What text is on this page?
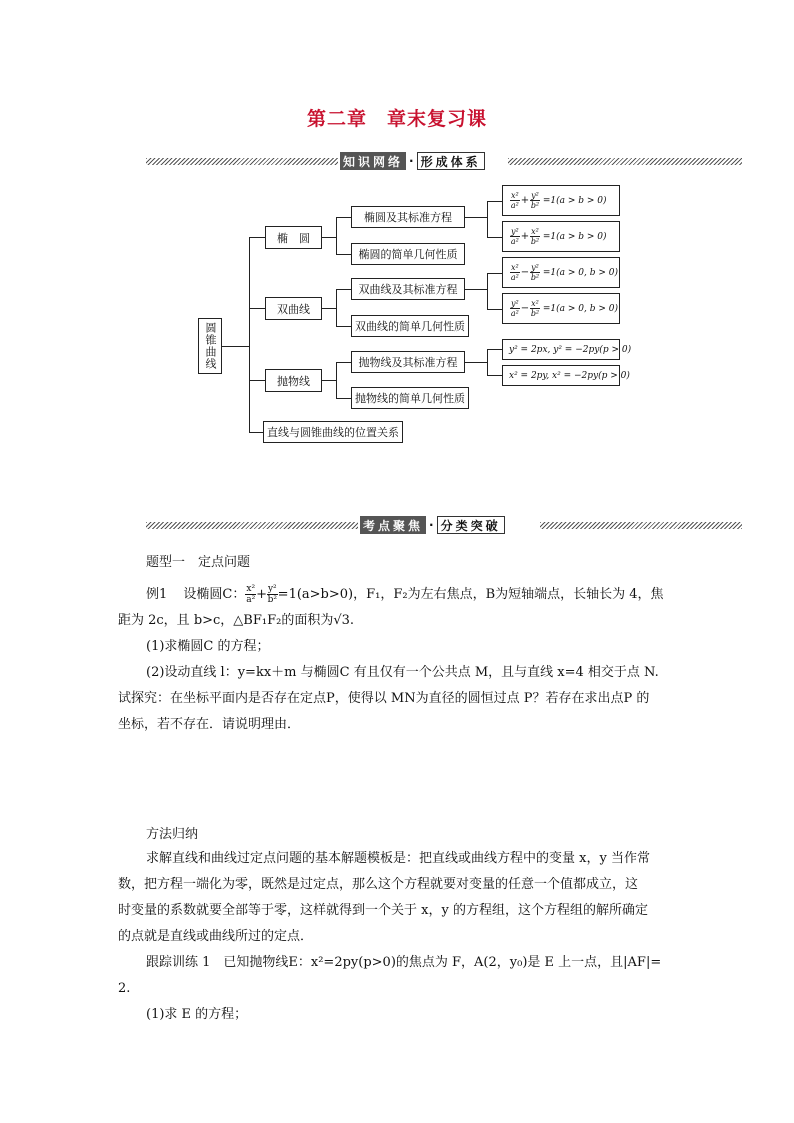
第二章 章末复习课
知识网络 · 形成体系
圆锥曲线
椭　圆
双曲线
抛物线
直线与圆锥曲线的位置关系
椭圆及其标准方程
椭圆的简单几何性质
双曲线及其标准方程
双曲线的简单几何性质
抛物线及其标准方程
抛物线的简单几何性质
x²
$a^2 + \frac{\text{y²}}{\text{b²}} =1(a > b > 0)$
y²
$a^2 + \frac{\text{x²}}{\text{b²}} =1(a > b > 0)$
x²
$a^2 - \frac{\text{y²}}{\text{b²}} =1(a > 0$, b > 0)
y²
$a^2 - \frac{\text{x²}}{\text{b²}} =1(a > 0$, b > 0)
y² = 2px, y² = −2py(p > 0)
x² = 2py, x² = −2py(p > 0)
考点聚焦 · 分类突破

题型一　定点问题

例1 设椭圆C： $\frac{\text{x²}}{\text{a²}} + \frac{\text{y²}}{\text{b²}} =1(a>b>0)$，F₁，F₂为左右焦点，B为短轴端点，长轴长为 4，焦

距为 2c，且 b>c，△BF₁F₂的面积为√3.

(1)求椭圆C 的方程；

(2)设动直线 l：y=kx＋m 与椭圆C 有且仅有一个公共点 M，且与直线 x=4 相交于点 N.

试探究：在坐标平面内是否存在定点P，使得以 MN为直径的圆恒过点 P？若存在求出点P 的

坐标，若不存在．请说明理由．

方法归纳

求解直线和曲线过定点问题的基本解题模板是：把直线或曲线方程中的变量 x，y 当作常

数，把方程一端化为零，既然是过定点，那么这个方程就要对变量的任意一个值都成立，这

时变量的系数就要全部等于零，这样就得到一个关于 x，y 的方程组，这个方程组的解所确定

的点就是直线或曲线所过的定点．

跟踪训练 1　已知抛物线E：x²=2py(p>0)的焦点为 F，A(2，y₀)是 E 上一点，且|AF|=

2.

(1)求 E 的方程；
